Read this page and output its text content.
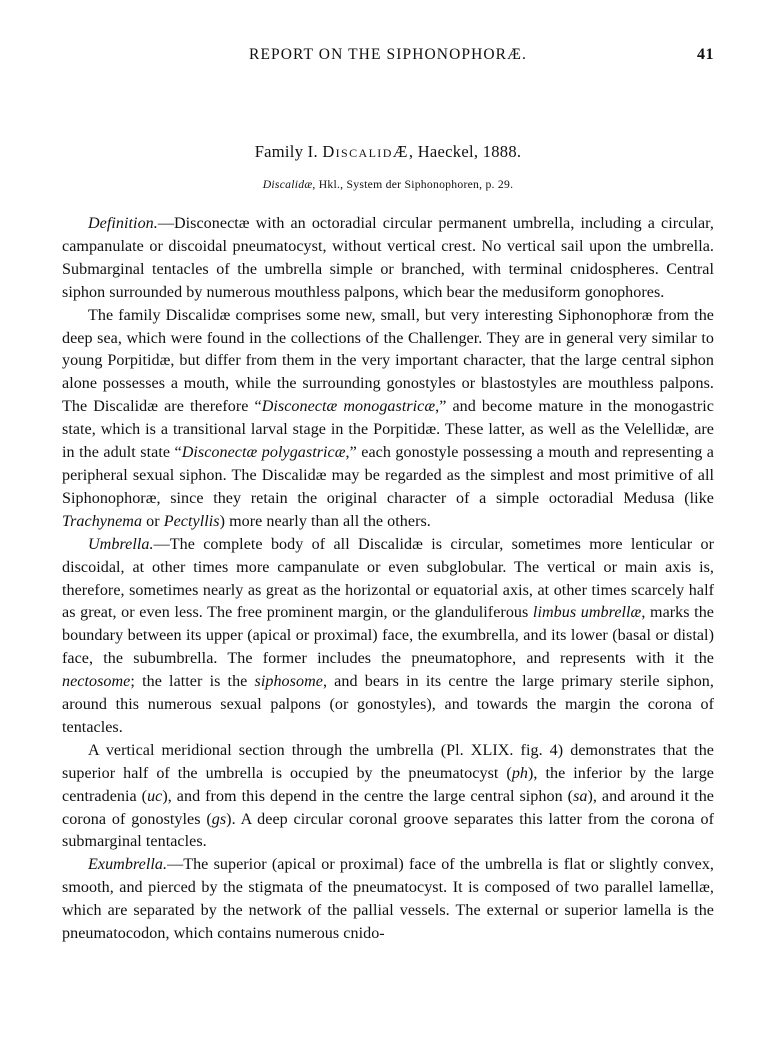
REPORT ON THE SIPHONOPHORÆ.	41
Family I. DiscalidÆ, Haeckel, 1888.
Discalidæ, Hkl., System der Siphonophoren, p. 29.

Definition.—Disconectæ with an octoradial circular permanent umbrella, including a circular, campanulate or discoidal pneumatocyst, without vertical crest. No vertical sail upon the umbrella. Submarginal tentacles of the umbrella simple or branched, with terminal cnidospheres. Central siphon surrounded by numerous mouthless palpons, which bear the medusiform gonophores.

The family Discalidæ comprises some new, small, but very interesting Siphonophoræ from the deep sea, which were found in the collections of the Challenger. They are in general very similar to young Porpitidæ, but differ from them in the very important character, that the large central siphon alone possesses a mouth, while the surrounding gonostyles or blastostyles are mouthless palpons. The Discalidæ are therefore “Disconectæ monogastricæ,” and become mature in the monogastric state, which is a transitional larval stage in the Porpitidæ. These latter, as well as the Velellidæ, are in the adult state “Disconectæ polygastricæ,” each gonostyle possessing a mouth and representing a peripheral sexual siphon. The Discalidæ may be regarded as the simplest and most primitive of all Siphonophoræ, since they retain the original character of a simple octoradial Medusa (like Trachynema or Pectyllis) more nearly than all the others.

Umbrella.—The complete body of all Discalidæ is circular, sometimes more lenticular or discoidal, at other times more campanulate or even subglobular. The vertical or main axis is, therefore, sometimes nearly as great as the horizontal or equatorial axis, at other times scarcely half as great, or even less. The free prominent margin, or the glanduliferous limbus umbrellæ, marks the boundary between its upper (apical or proximal) face, the exumbrella, and its lower (basal or distal) face, the subumbrella. The former includes the pneumatophore, and represents with it the nectosome; the latter is the siphosome, and bears in its centre the large primary sterile siphon, around this numerous sexual palpons (or gonostyles), and towards the margin the corona of tentacles.

A vertical meridional section through the umbrella (Pl. XLIX. fig. 4) demonstrates that the superior half of the umbrella is occupied by the pneumatocyst (ph), the inferior by the large centradenia (uc), and from this depend in the centre the large central siphon (sa), and around it the corona of gonostyles (gs). A deep circular coronal groove separates this latter from the corona of submarginal tentacles.

Exumbrella.—The superior (apical or proximal) face of the umbrella is flat or slightly convex, smooth, and pierced by the stigmata of the pneumatocyst. It is composed of two parallel lamellæ, which are separated by the network of the pallial vessels. The external or superior lamella is the pneumatocodon, which contains numerous cnido-
